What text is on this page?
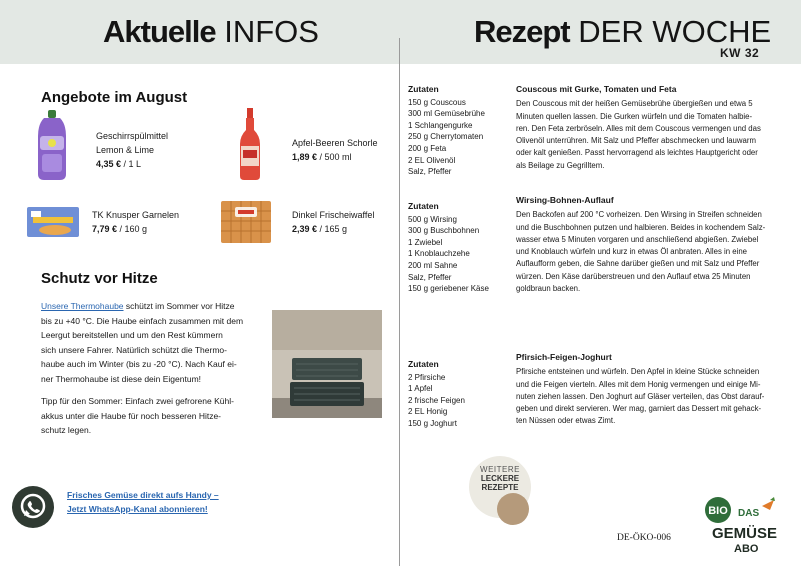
Aktuelle INFOS	Rezept DER WOCHE
KW 32
Angebote im August
Geschirrspülmittel
Lemon & Lime
4,35 € / 1 L
Apfel-Beeren Schorle
1,89 € / 500 ml
TK Knusper Garnelen
7,79 € / 160 g
Dinkel Frischeiwaffel
2,39 € / 165 g
Schutz vor Hitze
Unsere Thermohaube schützt im Sommer vor Hitze
bis zu +40 °C. Die Haube einfach zusammen mit dem
Leergut bereitstellen und um den Rest kümmern
sich unsere Fahrer. Natürlich schützt die Thermo-
haube auch im Winter (bis zu -20 °C). Nach Kauf ei-
ner Thermohaube ist diese dein Eigentum!
Tipp für den Sommer: Einfach zwei gefrorene Kühl-
akkus unter die Haube für noch besseren Hitze-
schutz legen.
Frisches Gemüse direkt aufs Handy –
Jetzt WhatsApp-Kanal abonnieren!
Zutaten
150 g Couscous
300 ml Gemüsebrühe
1 Schlangengurke
250 g Cherrytomaten
200 g Feta
2 EL Olivenöl
Salz, Pfeffer
Couscous mit Gurke, Tomaten und Feta
Den Couscous mit der heißen Gemüsebrühe übergießen und etwa 5
Minuten quellen lassen. Die Gurken würfeln und die Tomaten halbie-
ren. Den Feta zerbröseln. Alles mit dem Couscous vermengen und das
Olivenöl unterrühren. Mit Salz und Pfeffer abschmecken und lauwarm
oder kalt genießen. Passt hervorragend als leichtes Hauptgericht oder
als Beilage zu Gegrilltem.
Zutaten
500 g Wirsing
300 g Buschbohnen
1 Zwiebel
1 Knoblauchzehe
200 ml Sahne
Salz, Pfeffer
150 g geriebener Käse
Wirsing-Bohnen-Auflauf
Den Backofen auf 200 °C vorheizen. Den Wirsing in Streifen schneiden
und die Buschbohnen putzen und halbieren. Beides in kochendem Salz-
wasser etwa 5 Minuten vorgaren und anschließend abgießen. Zwiebel
und Knoblauch würfeln und kurz in etwas Öl anbraten. Alles in eine
Auflaufform geben, die Sahne darüber gießen und mit Salz und Pfeffer
würzen. Den Käse darüberstreuen und den Auflauf etwa 25 Minuten
goldbraun backen.
Zutaten
2 Pfirsiche
1 Apfel
2 frische Feigen
2 EL Honig
150 g Joghurt
Pfirsich-Feigen-Joghurt
Pfirsiche entsteinen und würfeln. Den Apfel in kleine Stücke schneiden
und die Feigen vierteln. Alles mit dem Honig vermengen und einige Mi-
nuten ziehen lassen. Den Joghurt auf Gläser verteilen, das Obst darauf-
geben und direkt servieren. Wer mag, garniert das Dessert mit gehack-
ten Nüssen oder etwas Zimt.
WEITERE
LECKERE
REZEPTE
DE-ÖKO-006
BIO DAS
GEMÜSE
ABO
